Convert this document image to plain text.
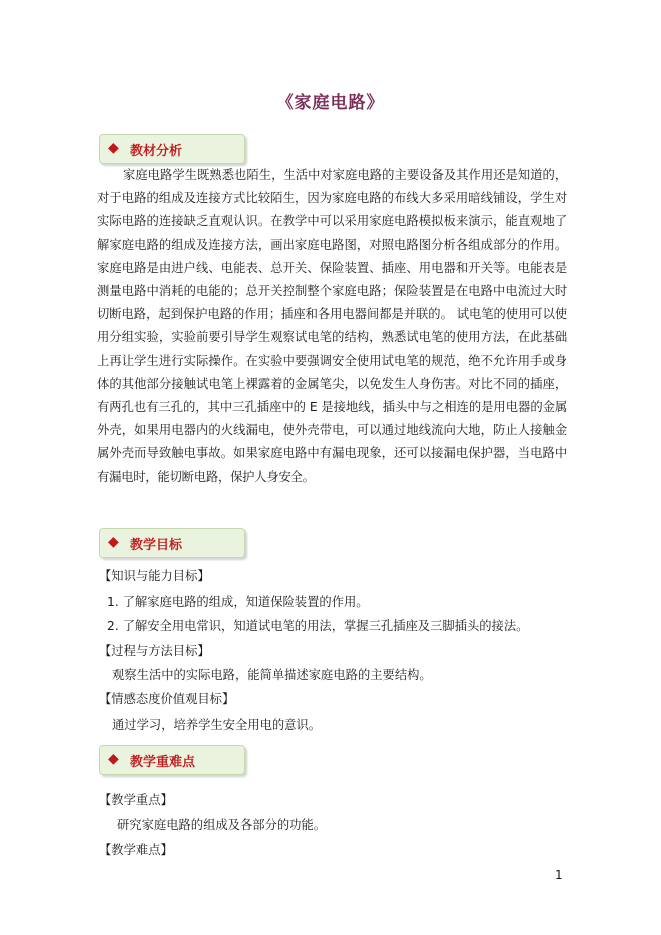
《家庭电路》
◆ 教材分析
家庭电路学生既熟悉也陌生，生活中对家庭电路的主要设备及其作用还是知道的，对于电路的组成及连接方式比较陌生，因为家庭电路的布线大多采用暗线铺设，学生对实际电路的连接缺乏直观认识。在教学中可以采用家庭电路模拟板来演示，能直观地了解家庭电路的组成及连接方法，画出家庭电路图，对照电路图分析各组成部分的作用。家庭电路是由进户线、电能表、总开关、保险装置、插座、用电器和开关等。电能表是测量电路中消耗的电能的；总开关控制整个家庭电路；保险装置是在电路中电流过大时切断电路，起到保护电路的作用；插座和各用电器间都是并联的。 试电笔的使用可以使用分组实验，实验前要引导学生观察试电笔的结构，熟悉试电笔的使用方法，在此基础上再让学生进行实际操作。在实验中要强调安全使用试电笔的规范，绝不允许用手或身体的其他部分接触试电笔上裸露着的金属笔尖，以免发生人身伤害。对比不同的插座，有两孔也有三孔的，其中三孔插座中的 E 是接地线，插头中与之相连的是用电器的金属外壳，如果用电器内的火线漏电，使外壳带电，可以通过地线流向大地，防止人接触金属外壳而导致触电事故。如果家庭电路中有漏电现象，还可以接漏电保护器，当电路中有漏电时，能切断电路，保护人身安全。
◆ 教学目标
【知识与能力目标】
1. 了解家庭电路的组成，知道保险装置的作用。
2. 了解安全用电常识，知道试电笔的用法，掌握三孔插座及三脚插头的接法。
【过程与方法目标】
观察生活中的实际电路，能简单描述家庭电路的主要结构。
【情感态度价值观目标】
通过学习，培养学生安全用电的意识。
◆ 教学重难点
【教学重点】
研究家庭电路的组成及各部分的功能。
【教学难点】
1
